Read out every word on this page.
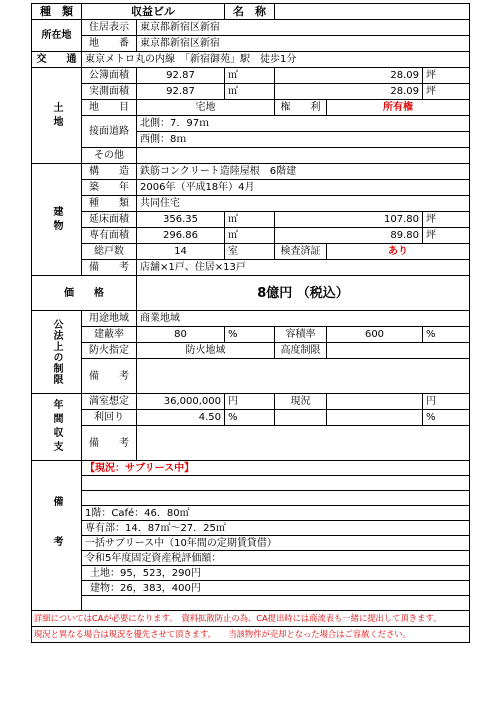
種　類	収益ビル		名　称			
所在地	住居表示	東京都新宿区新宿				
	地　　番	東京都新宿区新宿				
交　　通	東京メトロ丸の内線　「新宿御苑」駅　徒歩1分					
土地	公簿面積	92.87	㎡	28.09		坪
	実測面積	92.87	㎡	28.09		坪
	地　　目	宅地		権　　利	所有権	
	接面道路	北側：7．97ｍ				
		西側：8ｍ				
	その他					
建物	構　　造	鉄筋コンクリート造陸屋根　6階建				
	築　　年	2006年（平成18年）4月				
	種　　類	共同住宅				
	延床面積	356.35	㎡	107.80		坪
	専有面積	296.86	㎡	89.80		坪
	総戸数	14	室	検査済証	あり	
	備　　考	店舗×1戸、住居×13戸				
価　　格		8億円 （税込）				
公法上の制限	用途地域	商業地域				
	建蔽率	80	%	容積率	600	%
	防火指定	防火地域		高度制限		
	備　　考					
年間収支	満室想定	36,000,000	円	現況		円
	利回り	4.50	%			%
	備　　考					
備考	【現況：サブリース中】					

	1階：Café：46．80㎡					
	専有部：14．87㎡～27．25㎡					
	一括サブリース中（10年間の定期賃貸借）					
	令和5年度固定資産税評価額：					
	土地：95，523，290円					
	建物：26，383，400円					

詳細についてはCAが必要になります。　資料拡散防止の為、CA提出時には商流表も一緒に提出して頂きます。						
現況と異なる場合は現況を優先させて頂きます。　　当該物件が売却となった場合はご容赦ください。						
